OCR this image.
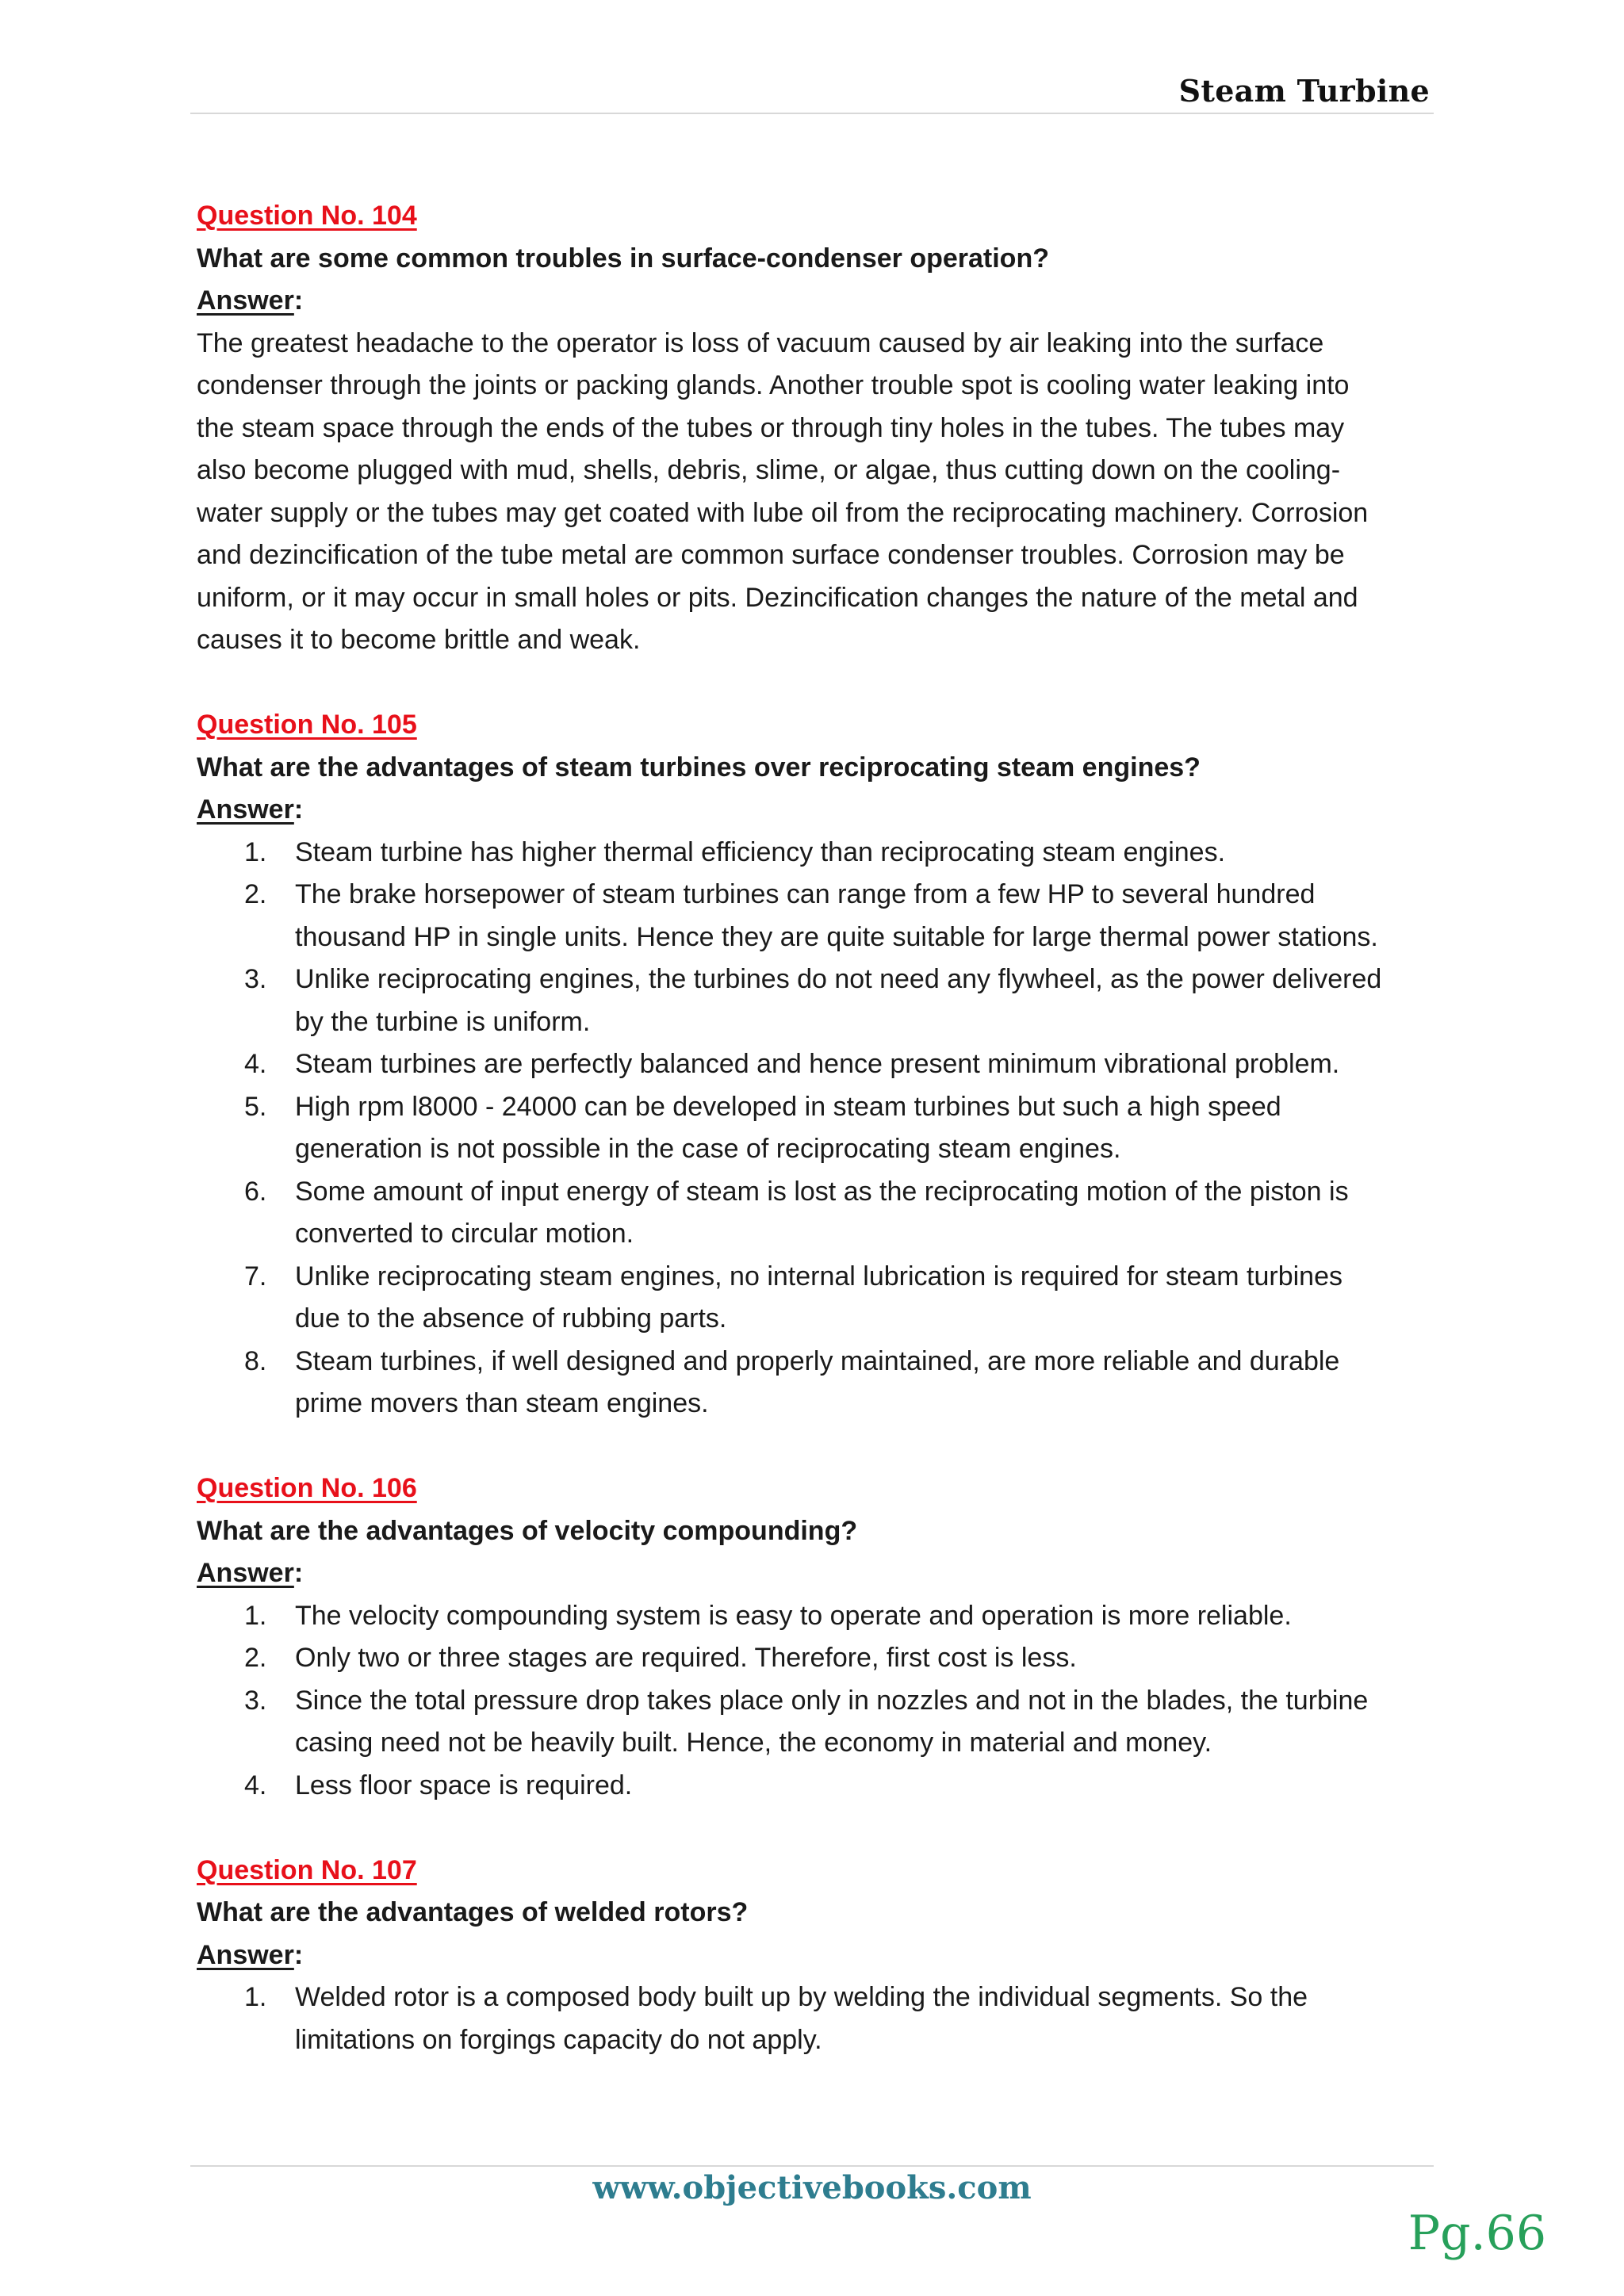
Steam Turbine
Question No. 104
What are some common troubles in surface-condenser operation?
Answer:
The greatest headache to the operator is loss of vacuum caused by air leaking into the surface
condenser through the joints or packing glands. Another trouble spot is cooling water leaking into
the steam space through the ends of the tubes or through tiny holes in the tubes. The tubes may
also become plugged with mud, shells, debris, slime, or algae, thus cutting down on the cooling-
water supply or the tubes may get coated with lube oil from the reciprocating machinery. Corrosion
and dezincification of the tube metal are common surface condenser troubles. Corrosion may be
uniform, or it may occur in small holes or pits. Dezincification changes the nature of the metal and
causes it to become brittle and weak.
Question No. 105
What are the advantages of steam turbines over reciprocating steam engines?
Answer:
1. Steam turbine has higher thermal efficiency than reciprocating steam engines.
2. The brake horsepower of steam turbines can range from a few HP to several hundred
thousand HP in single units. Hence they are quite suitable for large thermal power stations.
3. Unlike reciprocating engines, the turbines do not need any flywheel, as the power delivered
by the turbine is uniform.
4. Steam turbines are perfectly balanced and hence present minimum vibrational problem.
5. High rpm l8000 - 24000 can be developed in steam turbines but such a high speed
generation is not possible in the case of reciprocating steam engines.
6. Some amount of input energy of steam is lost as the reciprocating motion of the piston is
converted to circular motion.
7. Unlike reciprocating steam engines, no internal lubrication is required for steam turbines
due to the absence of rubbing parts.
8. Steam turbines, if well designed and properly maintained, are more reliable and durable
prime movers than steam engines.
Question No. 106
What are the advantages of velocity compounding?
Answer:
1. The velocity compounding system is easy to operate and operation is more reliable.
2. Only two or three stages are required. Therefore, first cost is less.
3. Since the total pressure drop takes place only in nozzles and not in the blades, the turbine
casing need not be heavily built. Hence, the economy in material and money.
4. Less floor space is required.
Question No. 107
What are the advantages of welded rotors?
Answer:
1. Welded rotor is a composed body built up by welding the individual segments. So the
limitations on forgings capacity do not apply.
www.objectivebooks.com
Pg.66
